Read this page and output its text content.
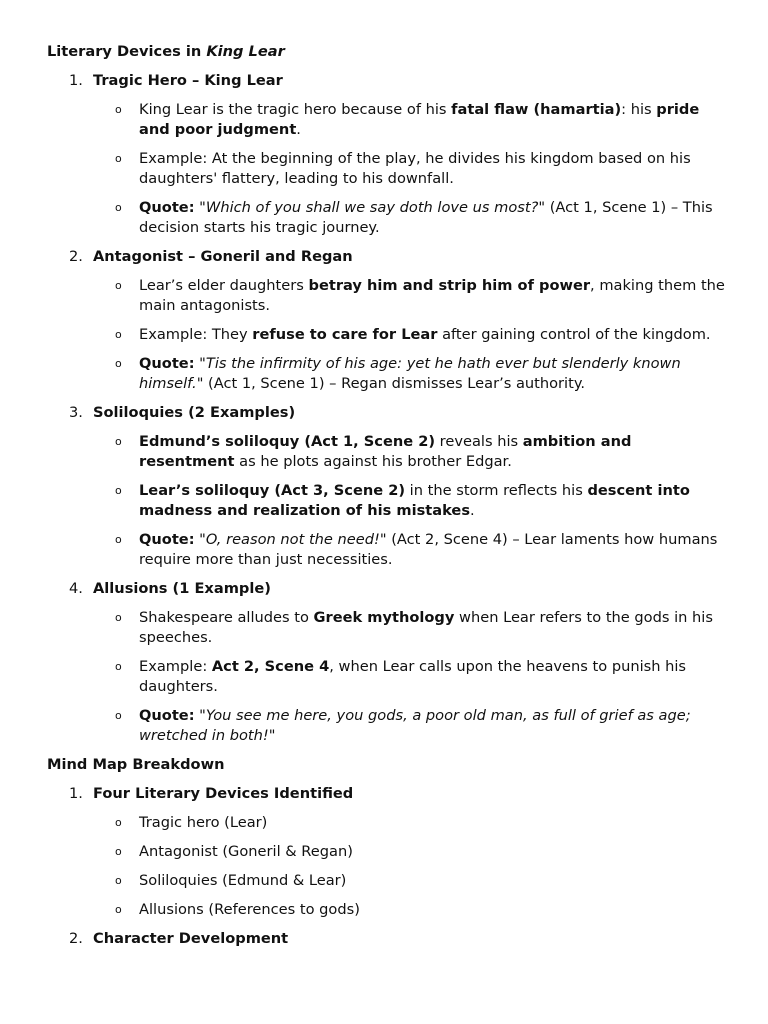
Literary Devices in King Lear
1. Tragic Hero – King Lear
o King Lear is the tragic hero because of his fatal flaw (hamartia): his pride and poor judgment.
o Example: At the beginning of the play, he divides his kingdom based on his daughters' flattery, leading to his downfall.
o Quote: "Which of you shall we say doth love us most?" (Act 1, Scene 1) – This decision starts his tragic journey.
2. Antagonist – Goneril and Regan
o Lear’s elder daughters betray him and strip him of power, making them the main antagonists.
o Example: They refuse to care for Lear after gaining control of the kingdom.
o Quote: "Tis the infirmity of his age: yet he hath ever but slenderly known himself." (Act 1, Scene 1) – Regan dismisses Lear’s authority.
3. Soliloquies (2 Examples)
o Edmund’s soliloquy (Act 1, Scene 2) reveals his ambition and resentment as he plots against his brother Edgar.
o Lear’s soliloquy (Act 3, Scene 2) in the storm reflects his descent into madness and realization of his mistakes.
o Quote: "O, reason not the need!" (Act 2, Scene 4) – Lear laments how humans require more than just necessities.
4. Allusions (1 Example)
o Shakespeare alludes to Greek mythology when Lear refers to the gods in his speeches.
o Example: Act 2, Scene 4, when Lear calls upon the heavens to punish his daughters.
o Quote: "You see me here, you gods, a poor old man, as full of grief as age; wretched in both!"
Mind Map Breakdown
1. Four Literary Devices Identified
o Tragic hero (Lear)
o Antagonist (Goneril & Regan)
o Soliloquies (Edmund & Lear)
o Allusions (References to gods)
2. Character Development
